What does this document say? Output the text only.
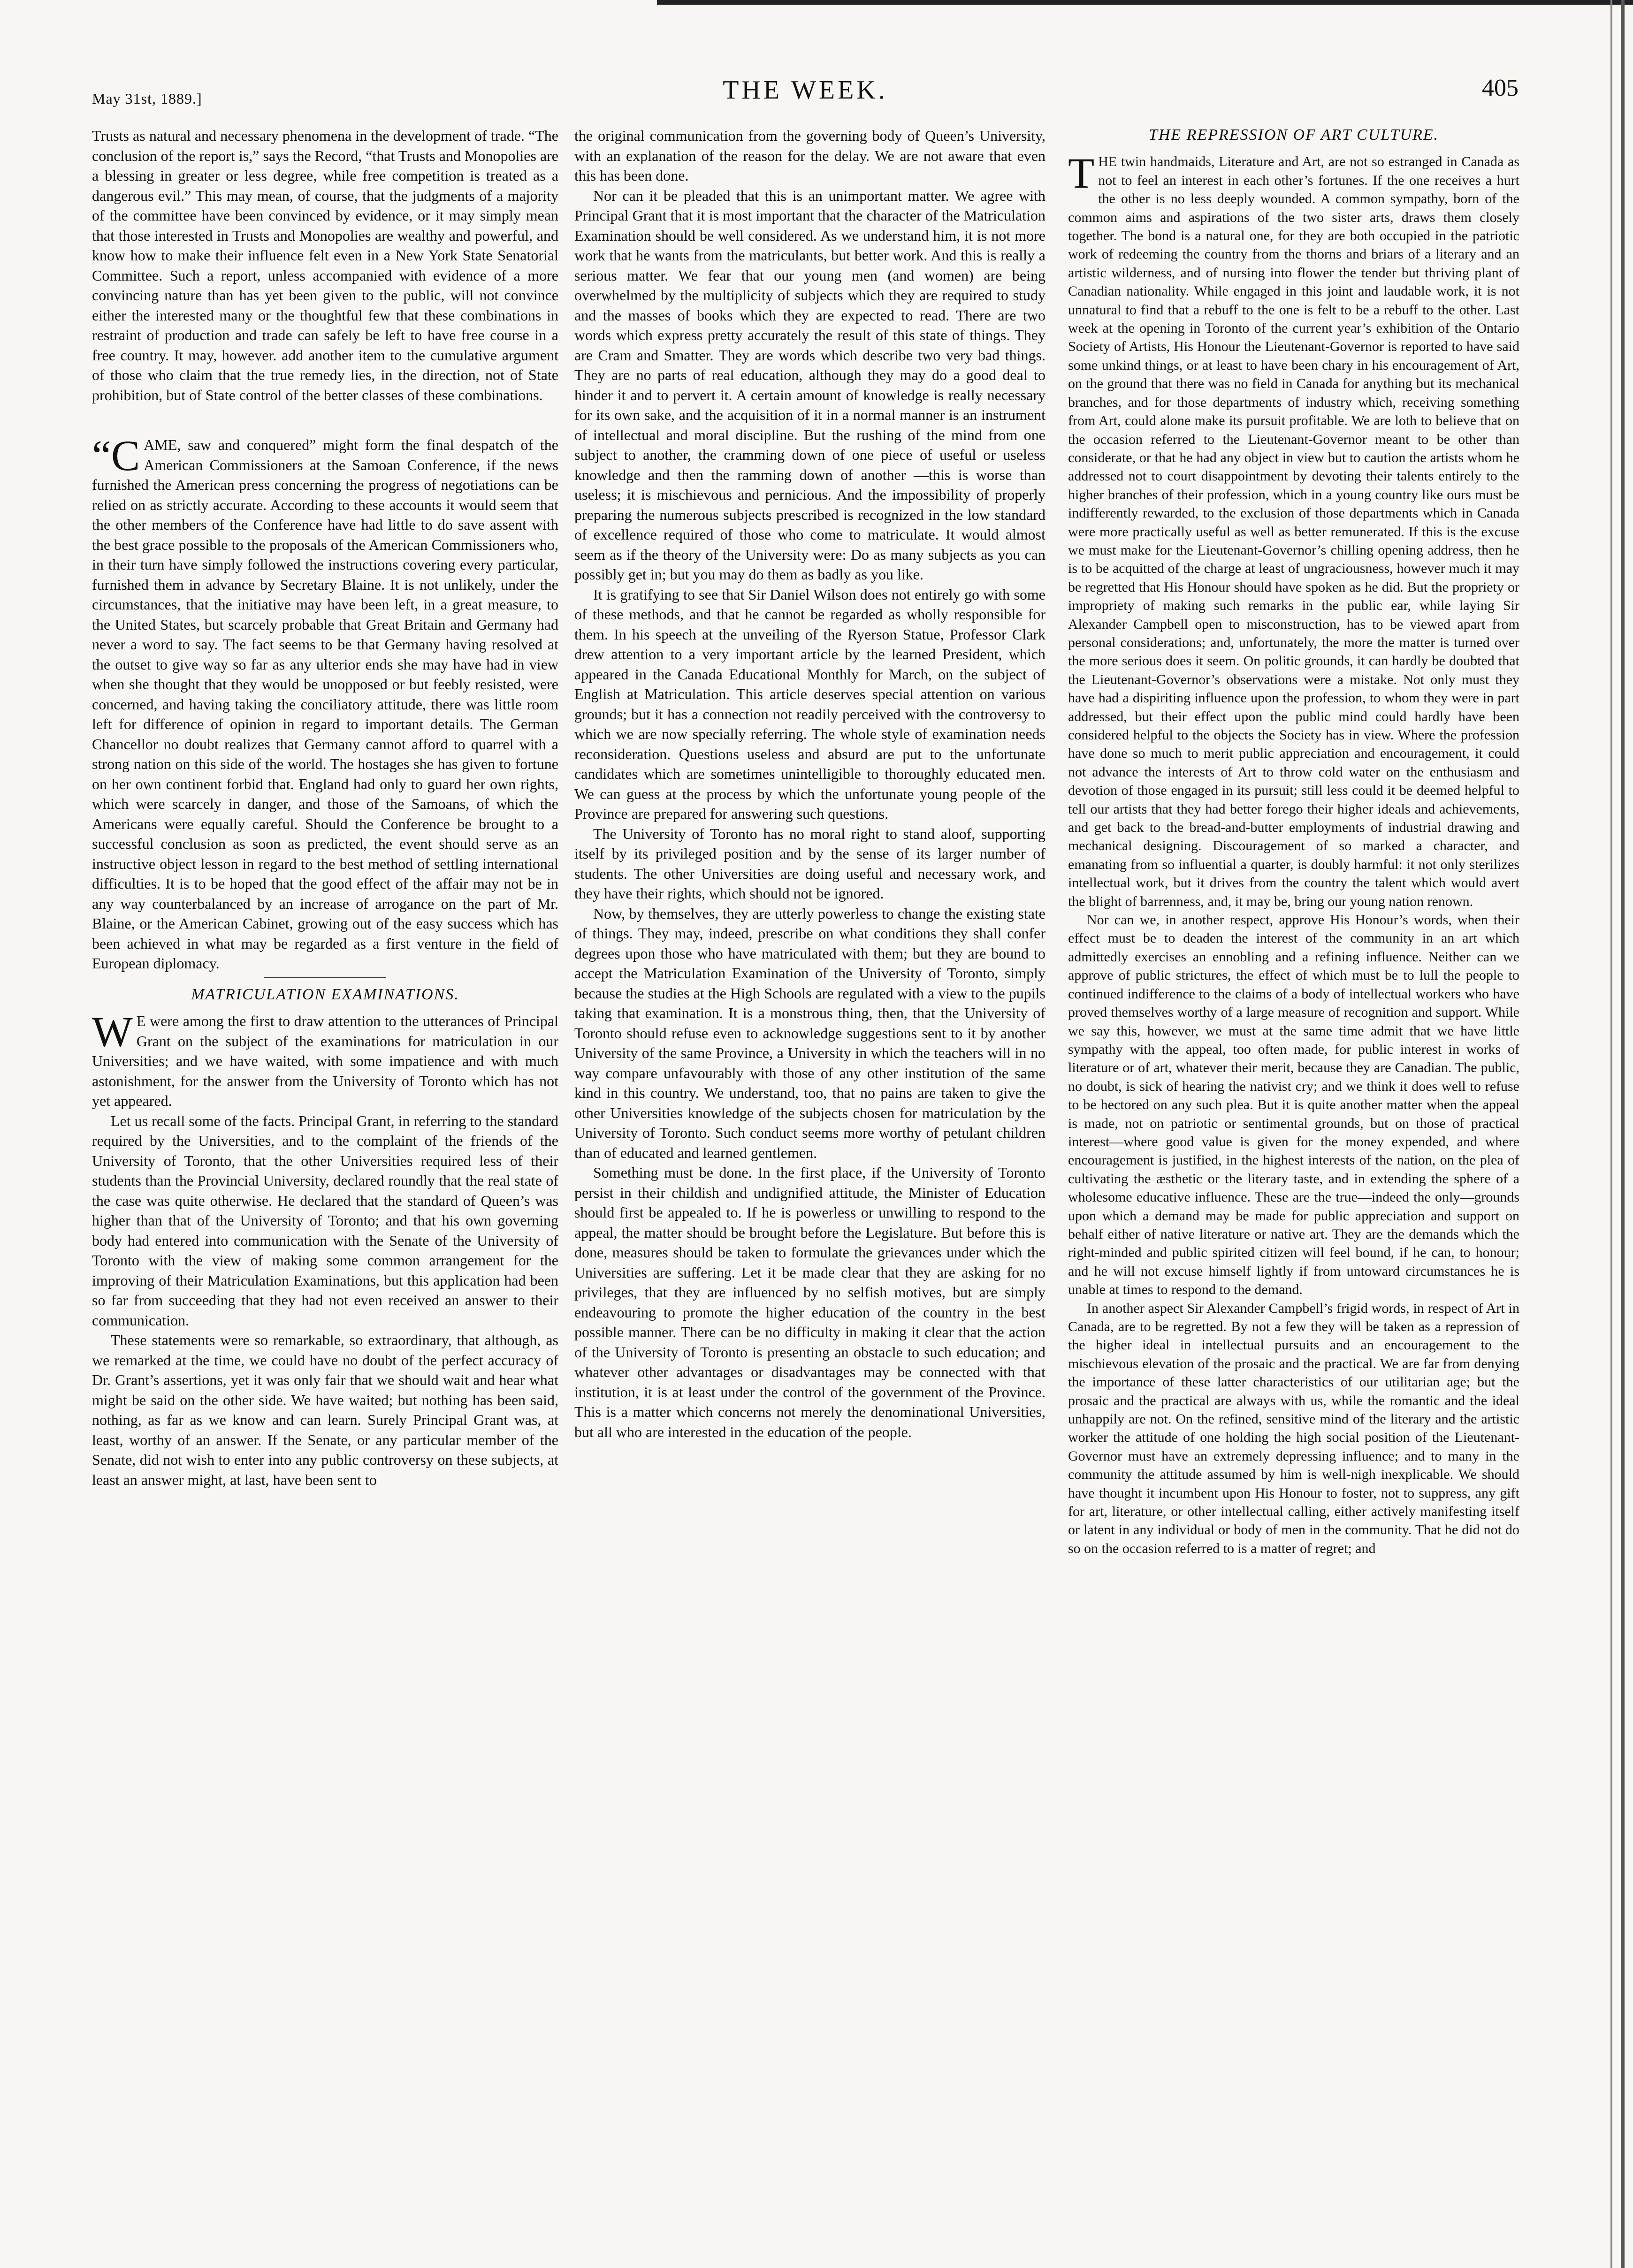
May 31st, 1889.]	THE WEEK.	405

Trusts as natural and necessary phenomena in the development of trade. “The conclusion of the report is,” says the Record, “that Trusts and Monopolies are a blessing in greater or less degree, while free competition is treated as a dangerous evil.” This may mean, of course, that the judgments of a majority of the committee have been convinced by evidence, or it may simply mean that those interested in Trusts and Monopolies are wealthy and powerful, and know how to make their influence felt even in a New York State Senatorial Committee. Such a report, unless accompanied with evidence of a more convincing nature than has yet been given to the public, will not convince either the interested many or the thoughtful few that these combinations in restraint of production and trade can safely be left to have free course in a free country. It may, however. add another item to the cumulative argument of those who claim that the true remedy lies, in the direction, not of State prohibition, but of State control of the better classes of these combinations.

“CAME, saw and conquered” might form the final despatch of the American Commissioners at the Samoan Conference, if the news furnished the American press concerning the progress of negotiations can be relied on as strictly accurate. According to these accounts it would seem that the other members of the Conference have had little to do save assent with the best grace possible to the proposals of the American Commissioners who, in their turn have simply followed the instructions covering every particular, furnished them in advance by Secretary Blaine. It is not unlikely, under the circumstances, that the initiative may have been left, in a great measure, to the United States, but scarcely probable that Great Britain and Germany had never a word to say. The fact seems to be that Germany having resolved at the outset to give way so far as any ulterior ends she may have had in view when she thought that they would be unopposed or but feebly resisted, were concerned, and having taking the conciliatory attitude, there was little room left for difference of opinion in regard to important details. The German Chancellor no doubt realizes that Germany cannot afford to quarrel with a strong nation on this side of the world. The hostages she has given to fortune on her own continent forbid that. England had only to guard her own rights, which were scarcely in danger, and those of the Samoans, of which the Americans were equally careful. Should the Conference be brought to a successful conclusion as soon as predicted, the event should serve as an instructive object lesson in regard to the best method of settling international difficulties. It is to be hoped that the good effect of the affair may not be in any way counterbalanced by an increase of arrogance on the part of Mr. Blaine, or the American Cabinet, growing out of the easy success which has been achieved in what may be regarded as a first venture in the field of European diplomacy.

MATRICULATION EXAMINATIONS.

W E were among the first to draw attention to the utterances of Principal Grant on the subject of the examinations for matriculation in our Universities; and we have waited, with some impatience and with much astonishment, for the answer from the University of Toronto which has not yet appeared.

Let us recall some of the facts. Principal Grant, in referring to the standard required by the Universities, and to the complaint of the friends of the University of Toronto, that the other Universities required less of their students than the Provincial University, declared roundly that the real state of the case was quite otherwise. He declared that the standard of Queen’s was higher than that of the University of Toronto; and that his own governing body had entered into communication with the Senate of the University of Toronto with the view of making some common arrangement for the improving of their Matriculation Examinations, but this application had been so far from succeeding that they had not even received an answer to their communication.

These statements were so remarkable, so extraordinary, that although, as we remarked at the time, we could have no doubt of the perfect accuracy of Dr. Grant’s assertions, yet it was only fair that we should wait and hear what might be said on the other side. We have waited; but nothing has been said, nothing, as far as we know and can learn. Surely Principal Grant was, at least, worthy of an answer. If the Senate, or any particular member of the Senate, did not wish to enter into any public controversy on these subjects, at least an answer might, at last, have been sent to

the original communication from the governing body of Queen’s University, with an explanation of the reason for the delay. We are not aware that even this has been done.

Nor can it be pleaded that this is an unimportant matter. We agree with Principal Grant that it is most important that the character of the Matriculation Examination should be well considered. As we understand him, it is not more work that he wants from the matriculants, but better work. And this is really a serious matter. We fear that our young men (and women) are being overwhelmed by the multiplicity of subjects which they are required to study and the masses of books which they are expected to read. There are two words which express pretty accurately the result of this state of things. They are Cram and Smatter. They are words which describe two very bad things. They are no parts of real education, although they may do a good deal to hinder it and to pervert it. A certain amount of knowledge is really necessary for its own sake, and the acquisition of it in a normal manner is an instrument of intellectual and moral discipline. But the rushing of the mind from one subject to another, the cramming down of one piece of useful or useless knowledge and then the ramming down of another —this is worse than useless; it is mischievous and pernicious. And the impossibility of properly preparing the numerous subjects prescribed is recognized in the low standard of excellence required of those who come to matriculate. It would almost seem as if the theory of the University were: Do as many subjects as you can possibly get in; but you may do them as badly as you like.

It is gratifying to see that Sir Daniel Wilson does not entirely go with some of these methods, and that he cannot be regarded as wholly responsible for them. In his speech at the unveiling of the Ryerson Statue, Professor Clark drew attention to a very important article by the learned President, which appeared in the Canada Educational Monthly for March, on the subject of English at Matriculation. This article deserves special attention on various grounds; but it has a connection not readily perceived with the controversy to which we are now specially referring. The whole style of examination needs reconsideration. Questions useless and absurd are put to the unfortunate candidates which are sometimes unintelligible to thoroughly educated men. We can guess at the process by which the unfortunate young people of the Province are prepared for answering such questions.

The University of Toronto has no moral right to stand aloof, supporting itself by its privileged position and by the sense of its larger number of students. The other Universities are doing useful and necessary work, and they have their rights, which should not be ignored.

Now, by themselves, they are utterly powerless to change the existing state of things. They may, indeed, prescribe on what conditions they shall confer degrees upon those who have matriculated with them; but they are bound to accept the Matriculation Examination of the University of Toronto, simply because the studies at the High Schools are regulated with a view to the pupils taking that examination. It is a monstrous thing, then, that the University of Toronto should refuse even to acknowledge suggestions sent to it by another University of the same Province, a University in which the teachers will in no way compare unfavourably with those of any other institution of the same kind in this country. We understand, too, that no pains are taken to give the other Universities knowledge of the subjects chosen for matriculation by the University of Toronto. Such conduct seems more worthy of petulant children than of educated and learned gentlemen.

Something must be done. In the first place, if the University of Toronto persist in their childish and undignified attitude, the Minister of Education should first be appealed to. If he is powerless or unwilling to respond to the appeal, the matter should be brought before the Legislature. But before this is done, measures should be taken to formulate the grievances under which the Universities are suffering. Let it be made clear that they are asking for no privileges, that they are influenced by no selfish motives, but are simply endeavouring to promote the higher education of the country in the best possible manner. There can be no difficulty in making it clear that the action of the University of Toronto is presenting an obstacle to such education; and whatever other advantages or disadvantages may be connected with that institution, it is at least under the control of the government of the Province. This is a matter which concerns not merely the denominational Universities, but all who are interested in the education of the people.

THE REPRESSION OF ART CULTURE.

THE twin handmaids, Literature and Art, are not so estranged in Canada as not to feel an interest in each other’s fortunes. If the one receives a hurt the other is no less deeply wounded. A common sympathy, born of the common aims and aspirations of the two sister arts, draws them closely together. The bond is a natural one, for they are both occupied in the patriotic work of redeeming the country from the thorns and briars of a literary and an artistic wilderness, and of nursing into flower the tender but thriving plant of Canadian nationality. While engaged in this joint and laudable work, it is not unnatural to find that a rebuff to the one is felt to be a rebuff to the other. Last week at the opening in Toronto of the current year’s exhibition of the Ontario Society of Artists, His Honour the Lieutenant-Governor is reported to have said some unkind things, or at least to have been chary in his encouragement of Art, on the ground that there was no field in Canada for anything but its mechanical branches, and for those departments of industry which, receiving something from Art, could alone make its pursuit profitable. We are loth to believe that on the occasion referred to the Lieutenant-Governor meant to be other than considerate, or that he had any object in view but to caution the artists whom he addressed not to court disappointment by devoting their talents entirely to the higher branches of their profession, which in a young country like ours must be indifferently rewarded, to the exclusion of those departments which in Canada were more practically useful as well as better remunerated. If this is the excuse we must make for the Lieutenant-Governor’s chilling opening address, then he is to be acquitted of the charge at least of ungraciousness, however much it may be regretted that His Honour should have spoken as he did. But the propriety or impropriety of making such remarks in the public ear, while laying Sir Alexander Campbell open to misconstruction, has to be viewed apart from personal considerations; and, unfortunately, the more the matter is turned over the more serious does it seem. On politic grounds, it can hardly be doubted that the Lieutenant-Governor’s observations were a mistake. Not only must they have had a dispiriting influence upon the profession, to whom they were in part addressed, but their effect upon the public mind could hardly have been considered helpful to the objects the Society has in view. Where the profession have done so much to merit public appreciation and encouragement, it could not advance the interests of Art to throw cold water on the enthusiasm and devotion of those engaged in its pursuit; still less could it be deemed helpful to tell our artists that they had better forego their higher ideals and achievements, and get back to the bread-and-butter employments of industrial drawing and mechanical designing. Discouragement of so marked a character, and emanating from so influential a quarter, is doubly harmful: it not only sterilizes intellectual work, but it drives from the country the talent which would avert the blight of barrenness, and, it may be, bring our young nation renown.

Nor can we, in another respect, approve His Honour’s words, when their effect must be to deaden the interest of the community in an art which admittedly exercises an ennobling and a refining influence. Neither can we approve of public strictures, the effect of which must be to lull the people to continued indifference to the claims of a body of intellectual workers who have proved themselves worthy of a large measure of recognition and support. While we say this, however, we must at the same time admit that we have little sympathy with the appeal, too often made, for public interest in works of literature or of art, whatever their merit, because they are Canadian. The public, no doubt, is sick of hearing the nativist cry; and we think it does well to refuse to be hectored on any such plea. But it is quite another matter when the appeal is made, not on patriotic or sentimental grounds, but on those of practical interest—where good value is given for the money expended, and where encouragement is justified, in the highest interests of the nation, on the plea of cultivating the æsthetic or the literary taste, and in extending the sphere of a wholesome educative influence. These are the true—indeed the only—grounds upon which a demand may be made for public appreciation and support on behalf either of native literature or native art. They are the demands which the right-minded and public spirited citizen will feel bound, if he can, to honour; and he will not excuse himself lightly if from untoward circumstances he is unable at times to respond to the demand.

In another aspect Sir Alexander Campbell’s frigid words, in respect of Art in Canada, are to be regretted. By not a few they will be taken as a repression of the higher ideal in intellectual pursuits and an encouragement to the mischievous elevation of the prosaic and the practical. We are far from denying the importance of these latter characteristics of our utilitarian age; but the prosaic and the practical are always with us, while the romantic and the ideal unhappily are not. On the refined, sensitive mind of the literary and the artistic worker the attitude of one holding the high social position of the Lieutenant-Governor must have an extremely depressing influence; and to many in the community the attitude assumed by him is well-nigh inexplicable. We should have thought it incumbent upon His Honour to foster, not to suppress, any gift for art, literature, or other intellectual calling, either actively manifesting itself or latent in any individual or body of men in the community. That he did not do so on the occasion referred to is a matter of regret; and
